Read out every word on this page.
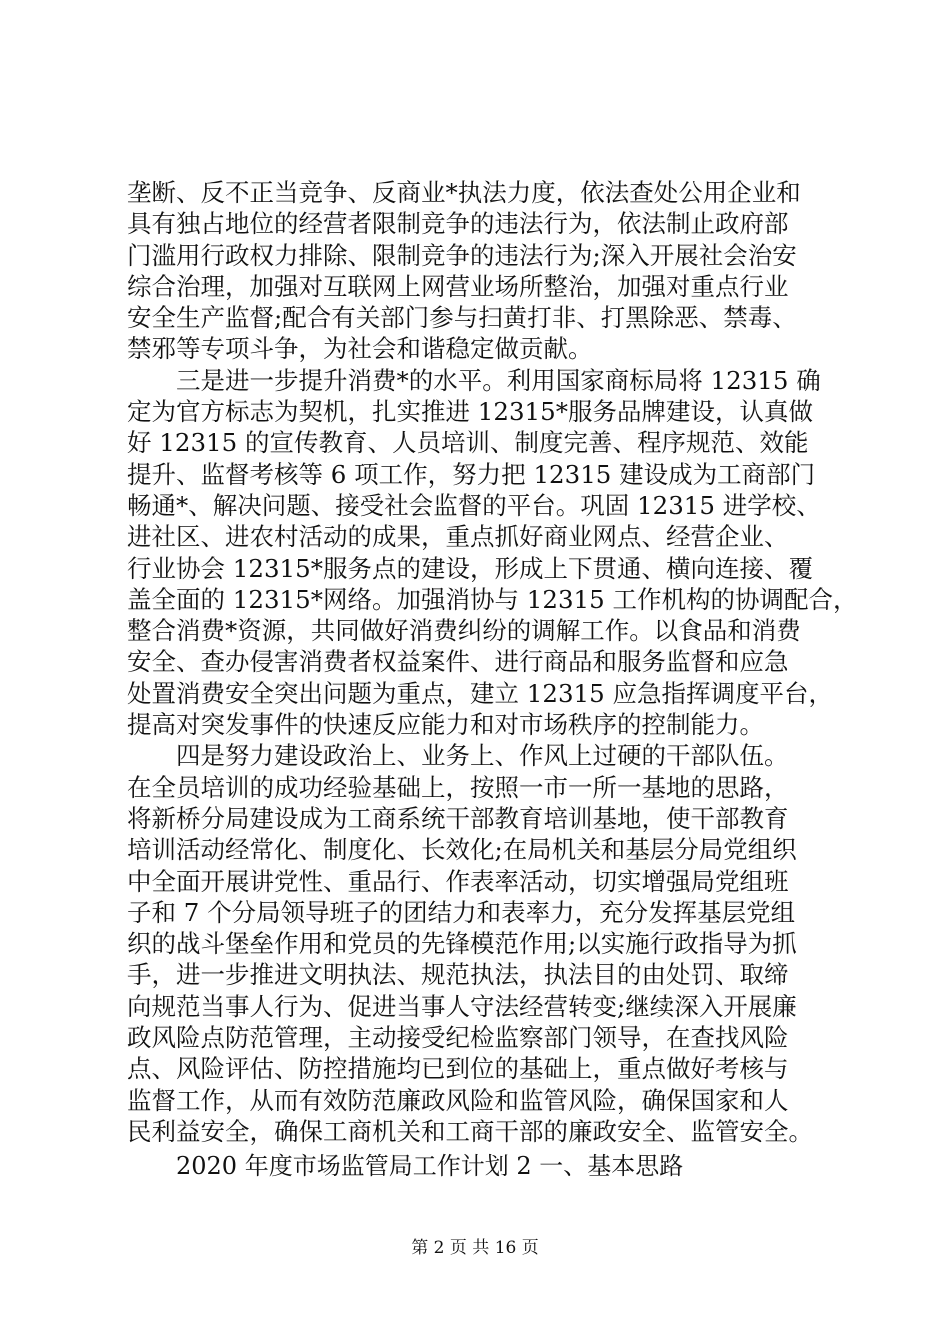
垄断、反不正当竞争、反商业*执法力度，依法查处公用企业和
具有独占地位的经营者限制竞争的违法行为，依法制止政府部
门滥用行政权力排除、限制竞争的违法行为;深入开展社会治安
综合治理，加强对互联网上网营业场所整治，加强对重点行业
安全生产监督;配合有关部门参与扫黄打非、打黑除恶、禁毒、
禁邪等专项斗争，为社会和谐稳定做贡献。
　　三是进一步提升消费*的水平。利用国家商标局将 12315 确
定为官方标志为契机，扎实推进 12315*服务品牌建设，认真做
好 12315 的宣传教育、人员培训、制度完善、程序规范、效能
提升、监督考核等 6 项工作，努力把 12315 建设成为工商部门
畅通*、解决问题、接受社会监督的平台。巩固 12315 进学校、
进社区、进农村活动的成果，重点抓好商业网点、经营企业、
行业协会 12315*服务点的建设，形成上下贯通、横向连接、覆
盖全面的 12315*网络。加强消协与 12315 工作机构的协调配合，
整合消费*资源，共同做好消费纠纷的调解工作。以食品和消费
安全、查办侵害消费者权益案件、进行商品和服务监督和应急
处置消费安全突出问题为重点，建立 12315 应急指挥调度平台，
提高对突发事件的快速反应能力和对市场秩序的控制能力。
　　四是努力建设政治上、业务上、作风上过硬的干部队伍。
在全员培训的成功经验基础上，按照一市一所一基地的思路，
将新桥分局建设成为工商系统干部教育培训基地，使干部教育
培训活动经常化、制度化、长效化;在局机关和基层分局党组织
中全面开展讲党性、重品行、作表率活动，切实增强局党组班
子和 7 个分局领导班子的团结力和表率力，充分发挥基层党组
织的战斗堡垒作用和党员的先锋模范作用;以实施行政指导为抓
手，进一步推进文明执法、规范执法，执法目的由处罚、取缔
向规范当事人行为、促进当事人守法经营转变;继续深入开展廉
政风险点防范管理，主动接受纪检监察部门领导，在查找风险
点、风险评估、防控措施均已到位的基础上，重点做好考核与
监督工作，从而有效防范廉政风险和监管风险，确保国家和人
民利益安全，确保工商机关和工商干部的廉政安全、监管安全。
2020 年度市场监管局工作计划 2 一、基本思路
第 2 页 共 16 页
